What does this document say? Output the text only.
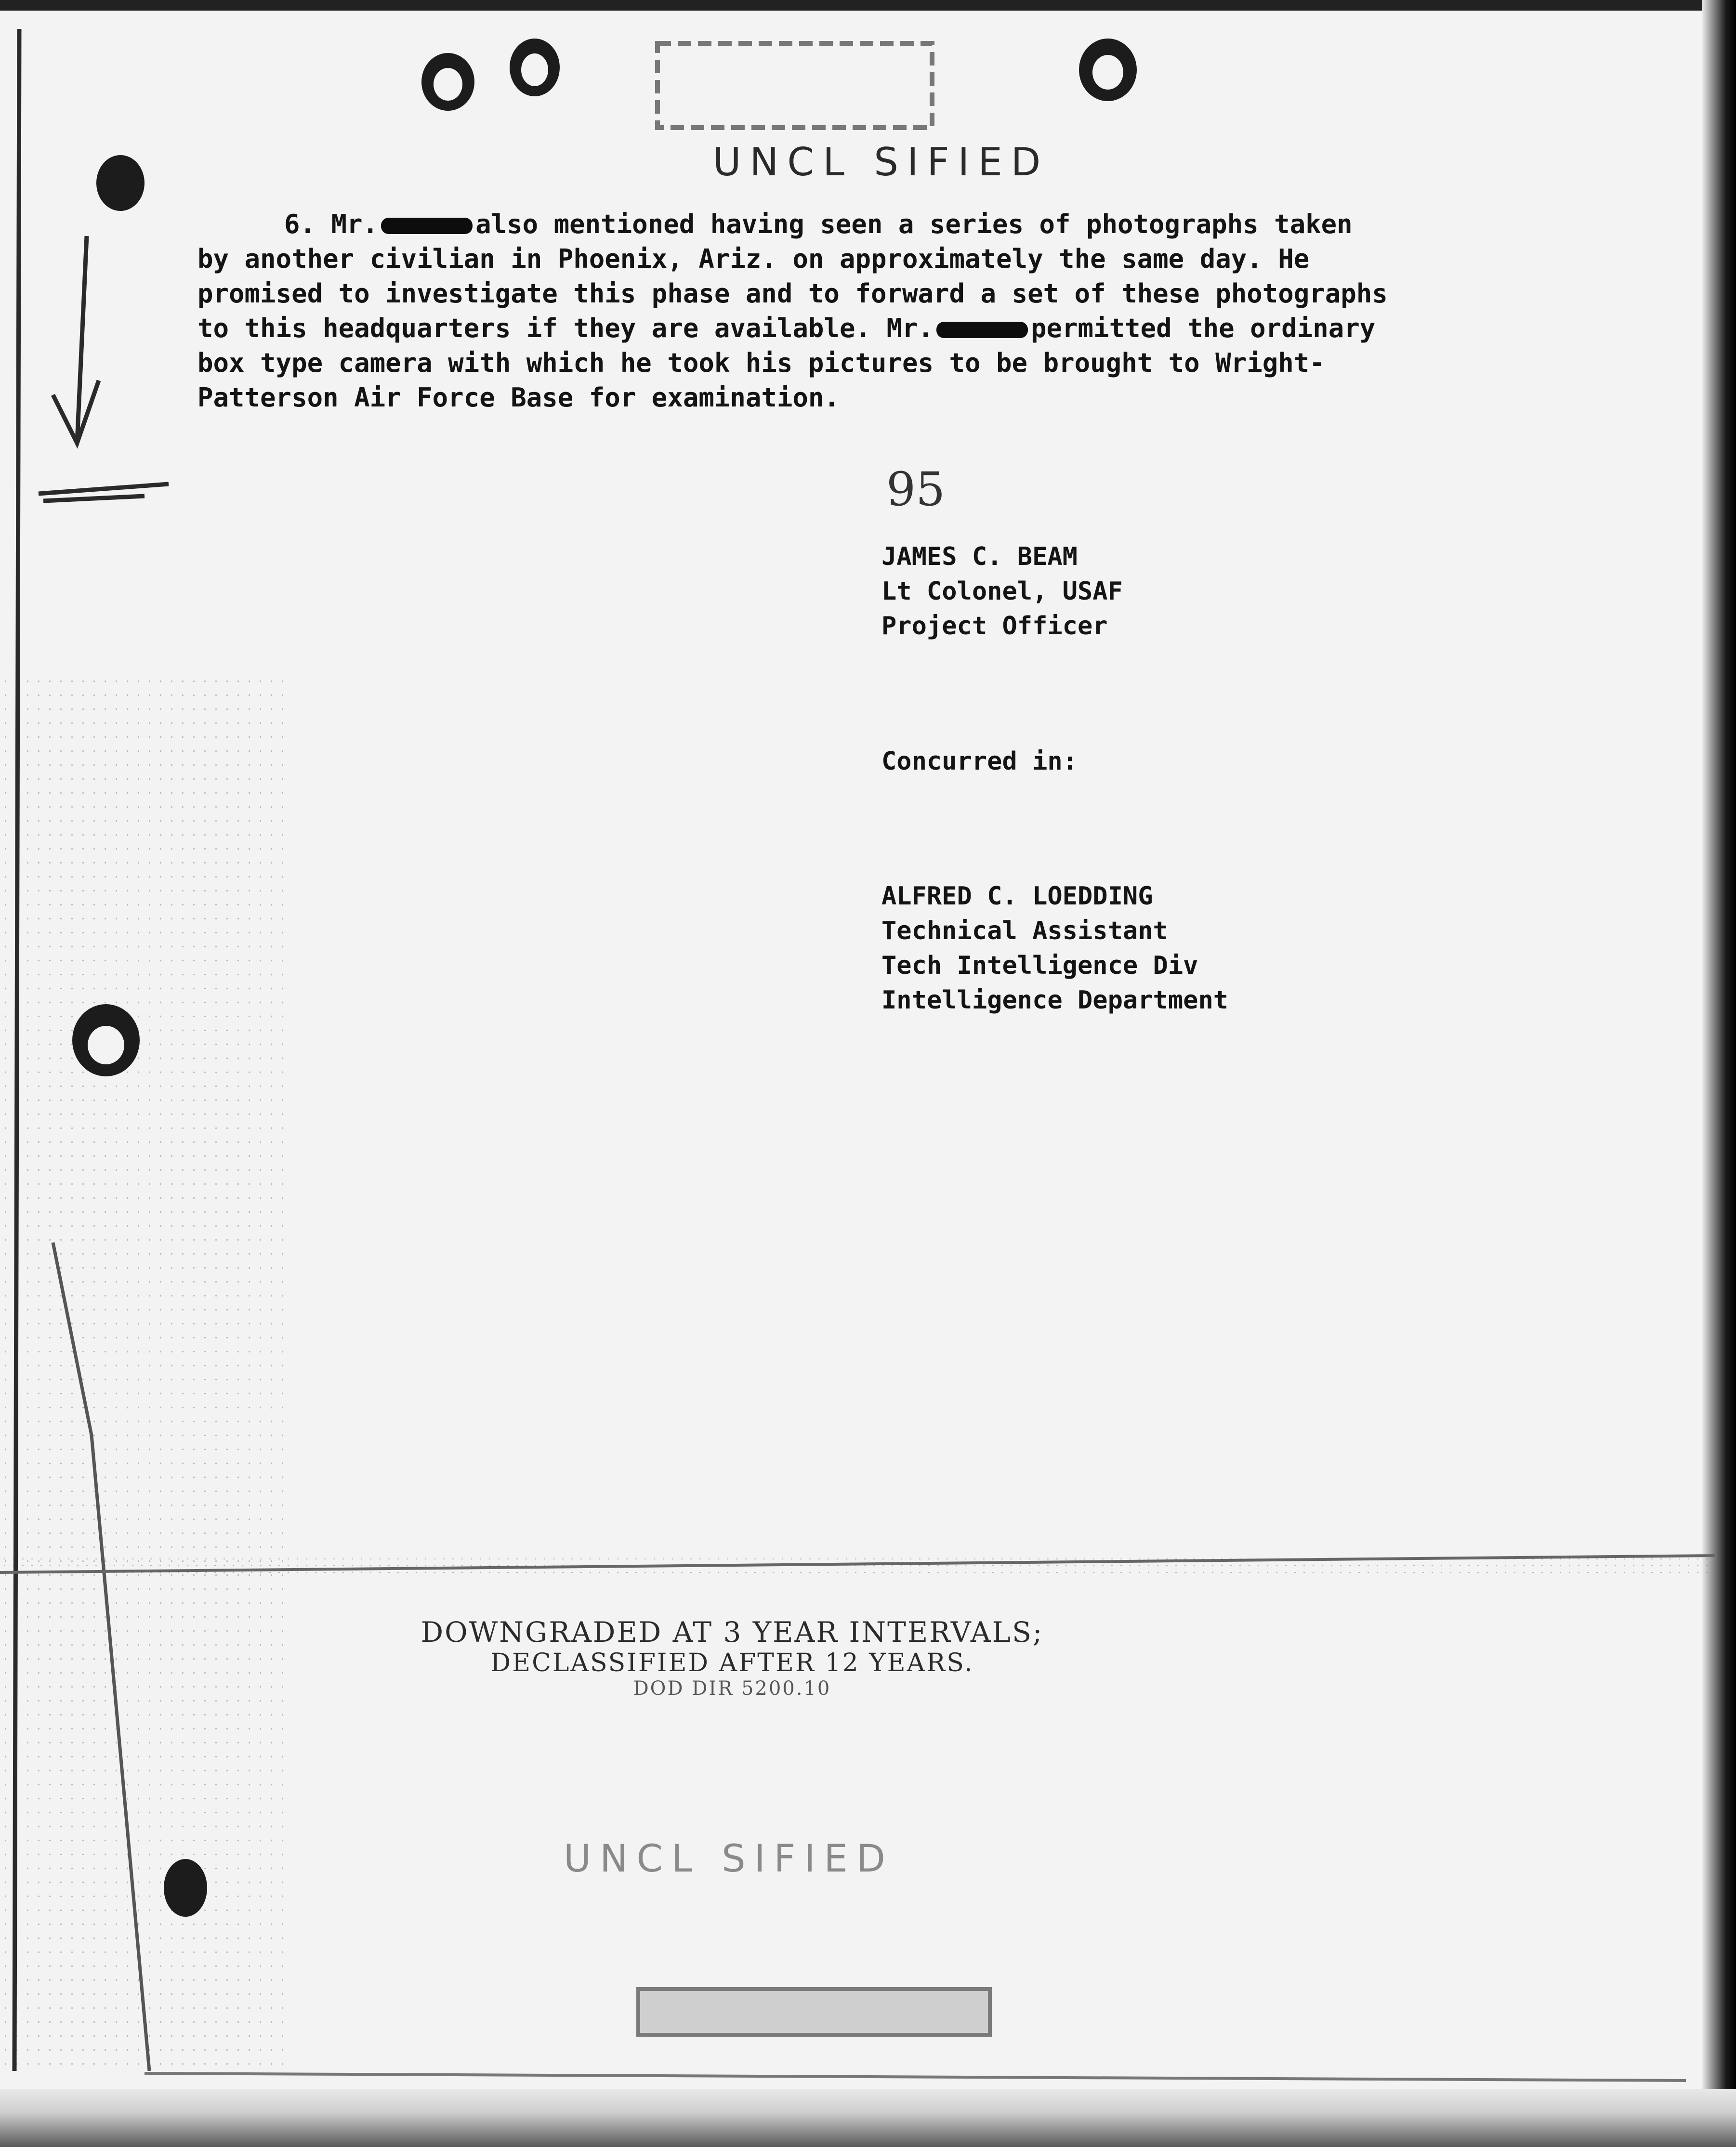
UNCL SIFIED
6. Mr.	also mentioned having seen a series of photographs taken
by another civilian in Phoenix, Ariz. on approximately the same day. He
promised to investigate this phase and to forward a set of these photographs
to this headquarters if they are available. Mr.	permitted the ordinary
box type camera with which he took his pictures to be brought to Wright-
Patterson Air Force Base for examination.
95
JAMES C. BEAM
Lt Colonel, USAF
Project Officer
Concurred in:
ALFRED C. LOEDDING
Technical Assistant
Tech Intelligence Div
Intelligence Department
DOWNGRADED AT 3 YEAR INTERVALS;
DECLASSIFIED AFTER 12 YEARS.
DOD DIR 5200.10
UNCL SIFIED
